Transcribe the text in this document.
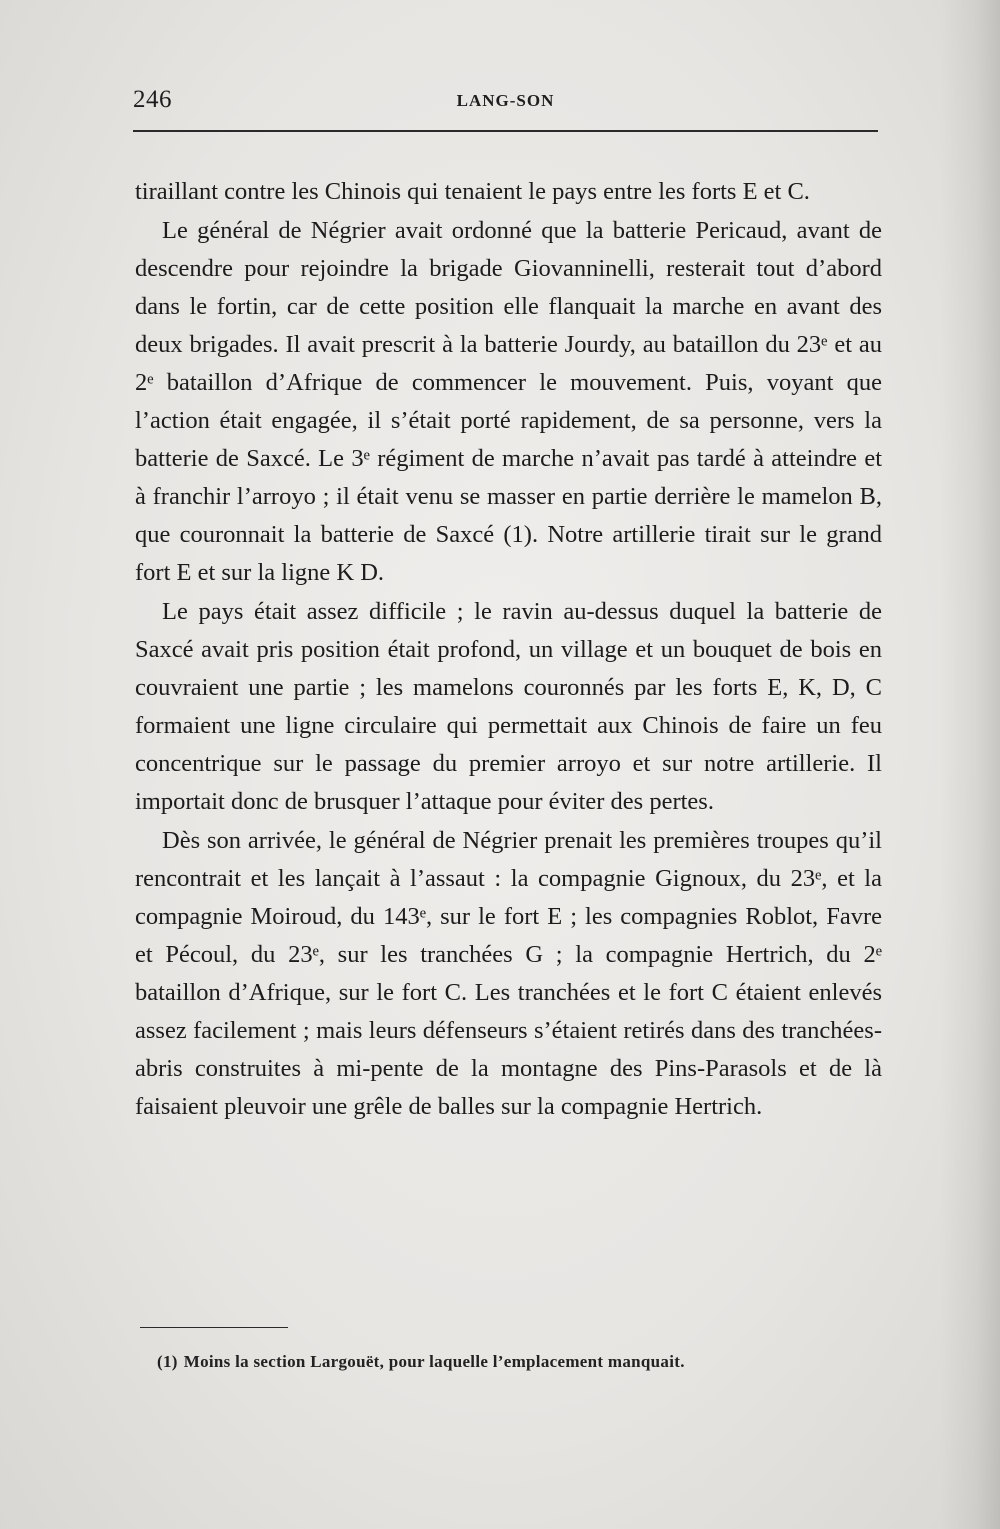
246	LANG-SON

tiraillant contre les Chinois qui tenaient le pays entre les forts E et C.

Le général de Négrier avait ordonné que la batterie Pericaud, avant de descendre pour rejoindre la brigade Giovanninelli, resterait tout d’abord dans le fortin, car de cette position elle flanquait la marche en avant des deux brigades. Il avait prescrit à la batterie Jourdy, au bataillon du 23ᵉ et au 2ᵉ bataillon d’Afrique de commencer le mouvement. Puis, voyant que l’action était engagée, il s’était porté rapidement, de sa personne, vers la batterie de Saxcé. Le 3ᵉ régiment de marche n’avait pas tardé à atteindre et à franchir l’arroyo ; il était venu se masser en partie derrière le mamelon B, que couronnait la batterie de Saxcé (1). Notre artillerie tirait sur le grand fort E et sur la ligne K D.

Le pays était assez difficile ; le ravin au-dessus duquel la batterie de Saxcé avait pris position était profond, un village et un bouquet de bois en couvraient une partie ; les mamelons couronnés par les forts E, K, D, C formaient une ligne circulaire qui permettait aux Chinois de faire un feu concentrique sur le passage du premier arroyo et sur notre artillerie. Il importait donc de brusquer l’attaque pour éviter des pertes.

Dès son arrivée, le général de Négrier prenait les premières troupes qu’il rencontrait et les lançait à l’assaut : la compagnie Gignoux, du 23ᵉ, et la compagnie Moiroud, du 143ᵉ, sur le fort E ; les compagnies Roblot, Favre et Pécoul, du 23ᵉ, sur les tranchées G ; la compagnie Hertrich, du 2ᵉ bataillon d’Afrique, sur le fort C. Les tranchées et le fort C étaient enlevés assez facilement ; mais leurs défenseurs s’étaient retirés dans des tranchées-abris construites à mi-pente de la montagne des Pins-Parasols et de là faisaient pleuvoir une grêle de balles sur la compagnie Hertrich.

(1) Moins la section Largouët, pour laquelle l’emplacement manquait.
